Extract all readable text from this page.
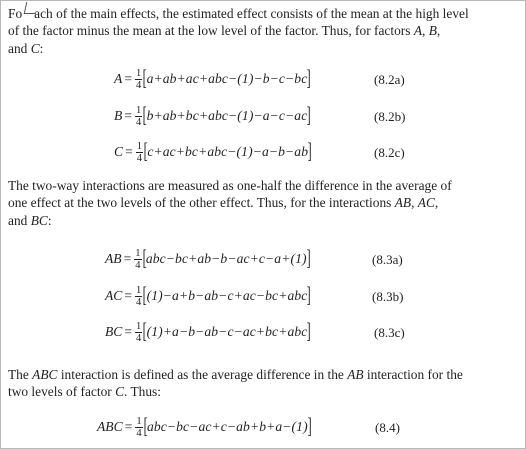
Fo ach of the main effects, the estimated effect consists of the mean at the high level
of the factor minus the mean at the low level of the factor. Thus, for factors A, B,
and C:

$A = \frac{1}{4}$ [ a+ab+ac+abc−(1)−b−c−bc ]	(8.2a)
$B = \frac{1}{4}$ [ b+ab+bc+abc−(1)−a−c−ac ]	(8.2b)
$C = \frac{1}{4}$ [ c+ac+bc+abc−(1)−a−b−ab ]	(8.2c)

The two-way interactions are measured as one-half the difference in the average of
one effect at the two levels of the other effect. Thus, for the interactions AB, AC,
and BC:

AB = $\frac{1}{4}$ [ abc−bc+ab−b−ac+c−a+(1) ]	(8.3a)
AC = $\frac{1}{4}$ [ (1)−a+b−ab−c+ac−bc+abc ]	(8.3b)
BC = $\frac{1}{4}$ [ (1)+a−b−ab−c−ac+bc+abc ]	(8.3c)

The ABC interaction is defined as the average difference in the AB interaction for the
two levels of factor C. Thus:

ABC = $\frac{1}{4}$ [ abc−bc−ac+c−ab+b+a−(1) ]	(8.4)
